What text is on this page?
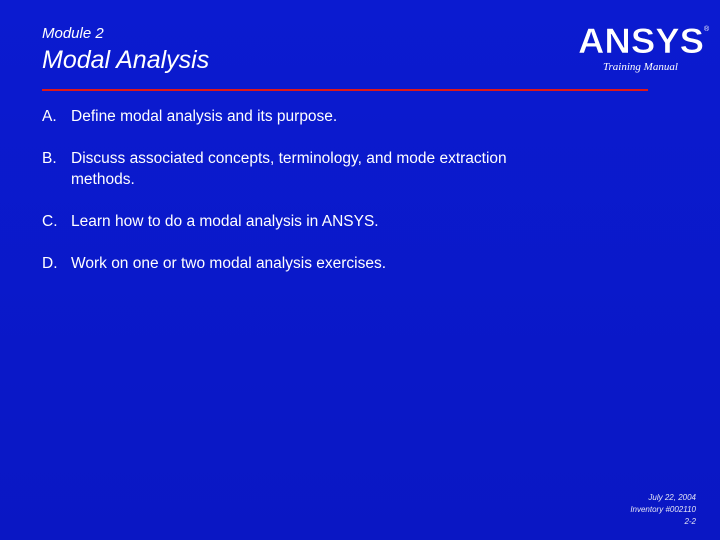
Module 2
Modal Analysis	ANSYS ®
Training Manual
A. Define modal analysis and its purpose.
B. Discuss associated concepts, terminology, and mode extraction
methods.
C. Learn how to do a modal analysis in ANSYS.
D. Work on one or two modal analysis exercises.
July 22, 2004
Inventory #002110
2-2
